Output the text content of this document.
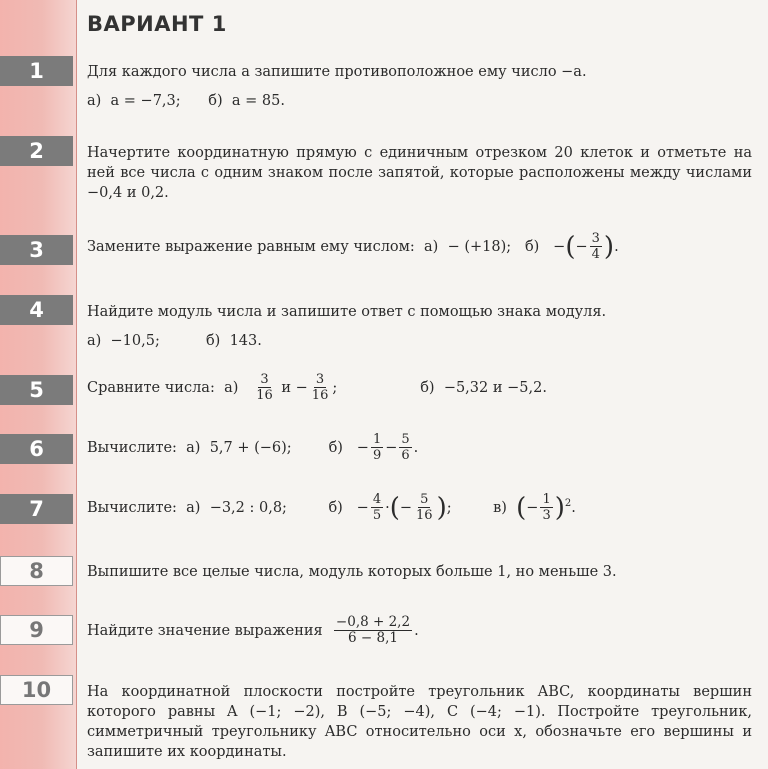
ВАРИАНТ 1
1	Для каждого числа a запишите противоположное ему число −a.
а)
a = −7,3;
б)
a = 85.
2	Начертите координатную прямую с единичным отрезком 20 клеток и отметьте на ней все числа с одним знаком после запятой, которые расположены между числами −0,4 и 0,2.
3	Замените выражение равным ему числом:
а)
− (+18);
б)
− ( − $\frac{3}{4}$ ) .
4	Найдите модуль числа и запишите ответ с помощью знака модуля.
а)
−10,5;
	б)
143.
5	Сравните числа:
а)
$\frac{3}{16}$
и
− $\frac{3}{16}$ ;
	б)
−5,32 и −5,2.
6	Вычислите:
а)
5,7 + (−6);
	б)
− $\frac{1}{9} - \frac{5}{6}$ .
7	Вычислите:
а)
−3,2 : 0,8;
	б)
− $\frac{4}{5}$ · ( − $\frac{5}{16}$ ) ;
	в)
( − $\frac{1}{3} )^2$ .
8	Выпишите все целые числа, модуль которых больше 1, но меньше 3.
9	Найдите значение выражения
$\frac{-0,8 + 2,2}{6 - 8,1}$ .
10	На координатной плоскости постройте треугольник ABC, координаты вершин которого равны A (−1; −2), B (−5; −4), C (−4; −1). Постройте треугольник, симметричный треугольнику ABC относительно оси x, обозначьте его вершины и запишите их координаты.
